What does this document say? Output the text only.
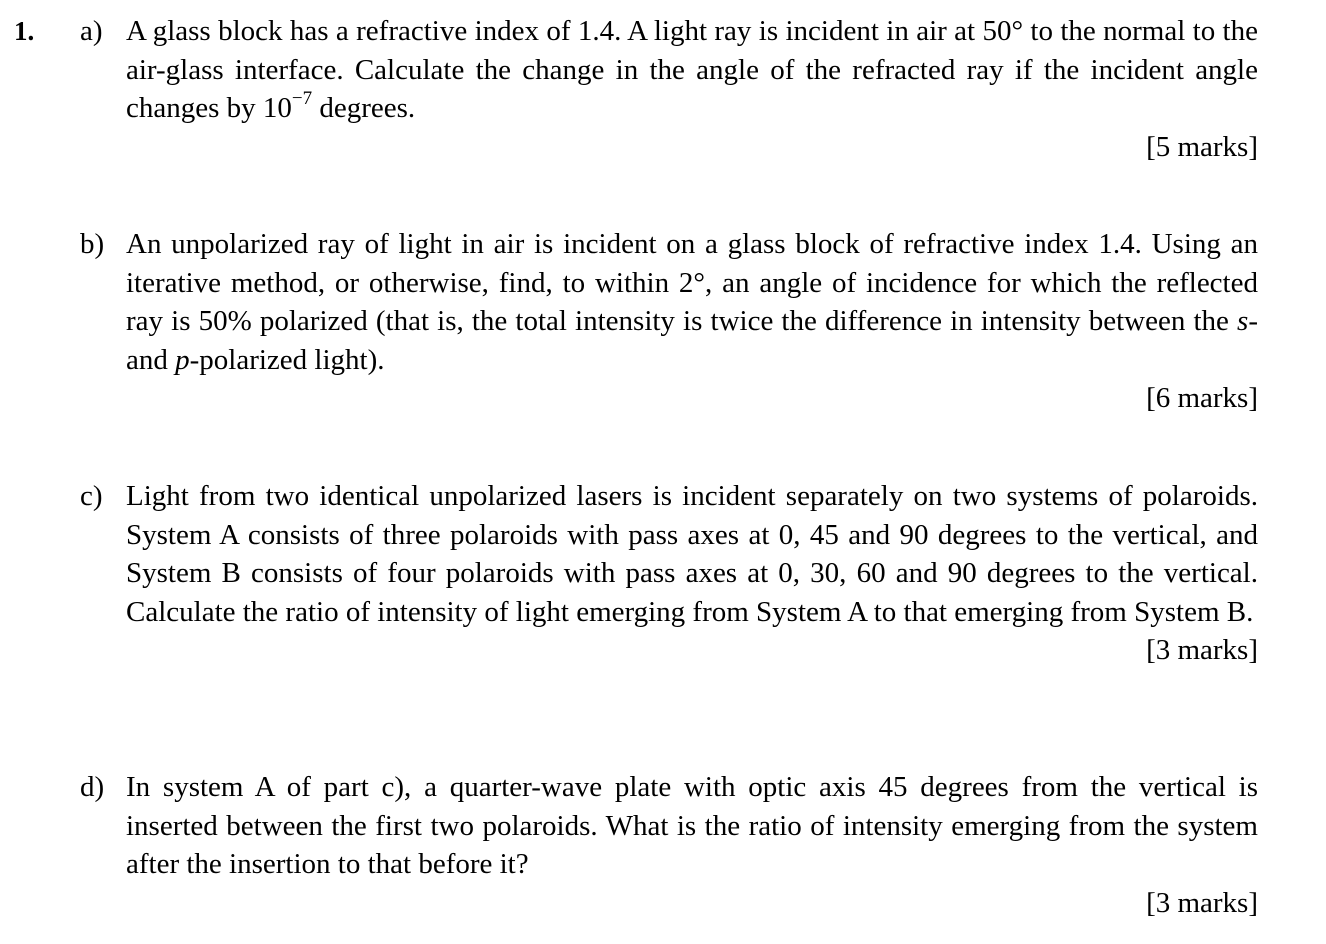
1. a) A glass block has a refractive index of 1.4. A light ray is incident in air at 50° to the normal to the air-glass interface. Calculate the change in the angle of the refracted ray if the incident angle changes by $10^{-7}$ degrees.
[5 marks]
b) An unpolarized ray of light in air is incident on a glass block of refractive index 1.4. Using an iterative method, or otherwise, find, to within 2°, an angle of incidence for which the reflected ray is 50% polarized (that is, the total intensity is twice the difference in intensity between the s- and p-polarized light).
[6 marks]
c) Light from two identical unpolarized lasers is incident separately on two systems of polaroids. System A consists of three polaroids with pass axes at 0, 45 and 90 degrees to the vertical, and System B consists of four polaroids with pass axes at 0, 30, 60 and 90 degrees to the vertical. Calculate the ratio of intensity of light emerging from System A to that emerging from System B.
[3 marks]
d) In system A of part c), a quarter-wave plate with optic axis 45 degrees from the vertical is inserted between the first two polaroids. What is the ratio of intensity emerging from the system after the insertion to that before it?
[3 marks]
